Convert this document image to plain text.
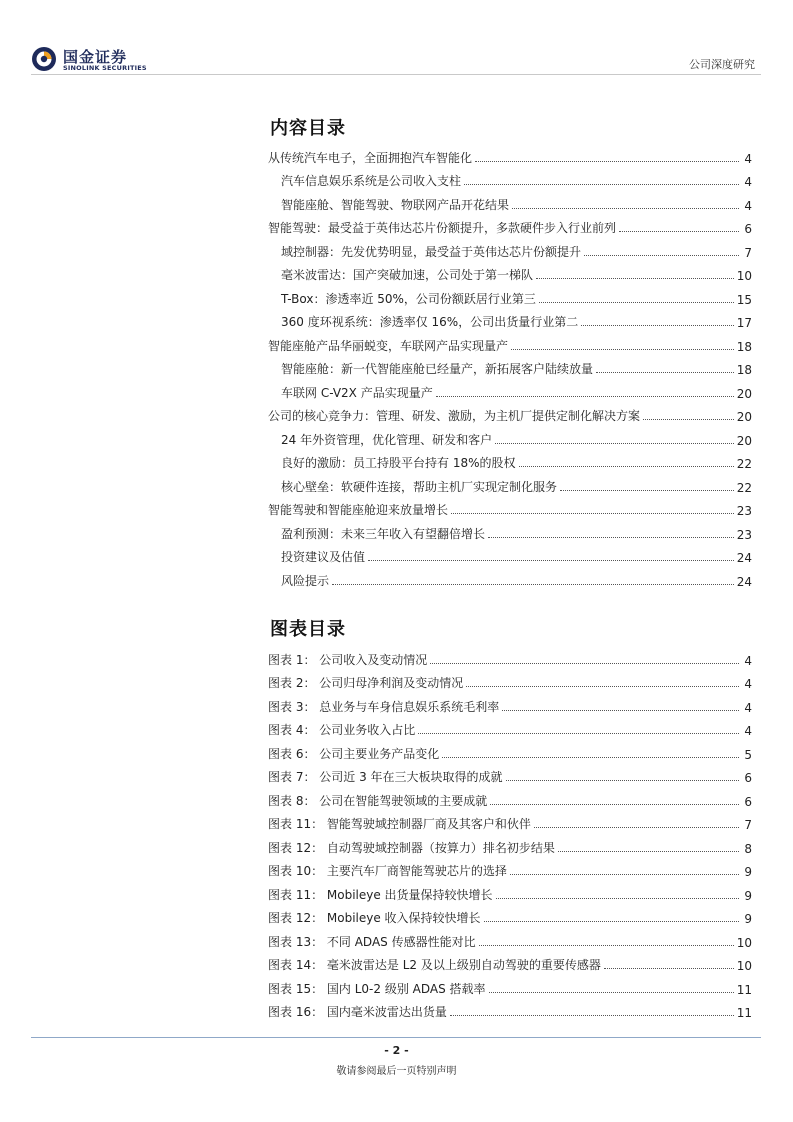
国金证券
SINOLINK SECURITIES	公司深度研究
内容目录
从传统汽车电子，全面拥抱汽车智能化	4
汽车信息娱乐系统是公司收入支柱	4
智能座舱、智能驾驶、物联网产品开花结果	4
智能驾驶：最受益于英伟达芯片份额提升，多款硬件步入行业前列	6
域控制器：先发优势明显，最受益于英伟达芯片份额提升	7
毫米波雷达：国产突破加速，公司处于第一梯队	10
T-Box：渗透率近 50%，公司份额跃居行业第三	15
360 度环视系统：渗透率仅 16%，公司出货量行业第二	17
智能座舱产品华丽蜕变，车联网产品实现量产	18
智能座舱：新一代智能座舱已经量产，新拓展客户陆续放量	18
车联网 C-V2X 产品实现量产	20
公司的核心竞争力：管理、研发、激励，为主机厂提供定制化解决方案	20
24 年外资管理，优化管理、研发和客户	20
良好的激励：员工持股平台持有 18%的股权	22
核心壁垒：软硬件连接，帮助主机厂实现定制化服务	22
智能驾驶和智能座舱迎来放量增长	23
盈利预测：未来三年收入有望翻倍增长	23
投资建议及估值	24
风险提示	24
图表目录
图表 1： 公司收入及变动情况	4
图表 2： 公司归母净利润及变动情况	4
图表 3： 总业务与车身信息娱乐系统毛利率	4
图表 4： 公司业务收入占比	4
图表 6： 公司主要业务产品变化	5
图表 7： 公司近 3 年在三大板块取得的成就	6
图表 8： 公司在智能驾驶领域的主要成就	6
图表 11： 智能驾驶域控制器厂商及其客户和伙伴	7
图表 12： 自动驾驶域控制器（按算力）排名初步结果	8
图表 10： 主要汽车厂商智能驾驶芯片的选择	9
图表 11： Mobileye 出货量保持较快增长	9
图表 12： Mobileye 收入保持较快增长	9
图表 13： 不同 ADAS 传感器性能对比	10
图表 14： 毫米波雷达是 L2 及以上级别自动驾驶的重要传感器	10
图表 15： 国内 L0-2 级别 ADAS 搭载率	11
图表 16： 国内毫米波雷达出货量	11
- 2 -
敬请参阅最后一页特别声明
